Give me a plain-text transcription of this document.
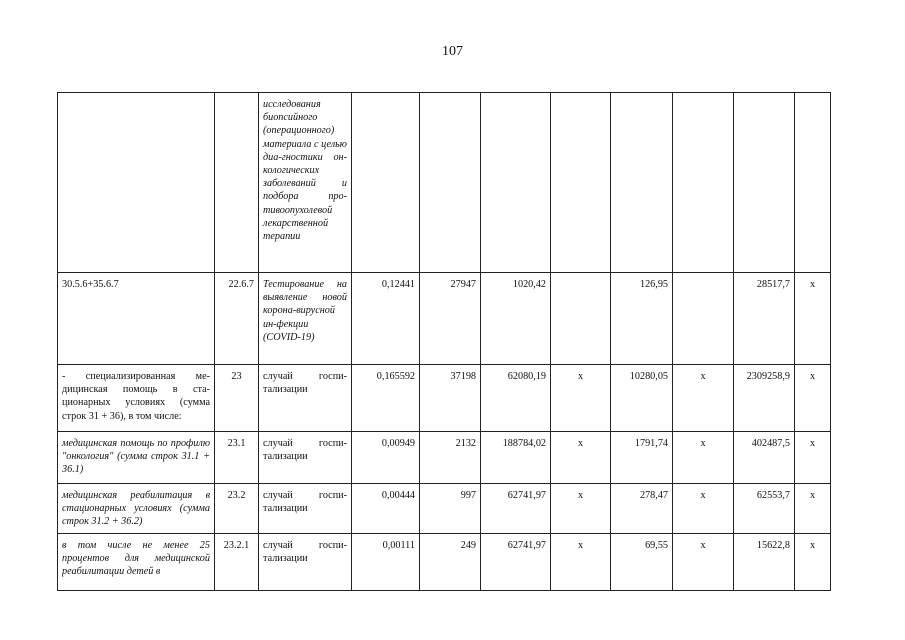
107
		исследования биопсийного (операционного) материала с целью диа-гностики он-кологических заболеваний и подбора про-тивоопухолевой лекарственной терапии								
30.5.6+35.6.7	22.6.7	Тестирование на выявление новой корона-вирусной ин-фекции (COVID-19)	0,12441	27947	1020,42		126,95		28517,7	х
- специализированная ме-дицинская помощь в ста-ционарных условиях (сумма строк 31 + 36), в том числе:	23	случай госпи-тализации	0,165592	37198	62080,19	х	10280,05	х	2309258,9	х
медицинская помощь по профилю "онкология" (сумма строк 31.1 + 36.1)	23.1	случай госпи-тализации	0,00949	2132	188784,02	х	1791,74	х	402487,5	х
медицинская реабилитация в стационарных условиях (сумма строк 31.2 + 36.2)	23.2	случай госпи-тализации	0,00444	997	62741,97	х	278,47	х	62553,7	х

в том числе не менее 25 процентов для медицинской реабилитации детей в	23.2.1	случай госпи-тализации	0,00111	249	62741,97	х	69,55	х	15622,8	х
